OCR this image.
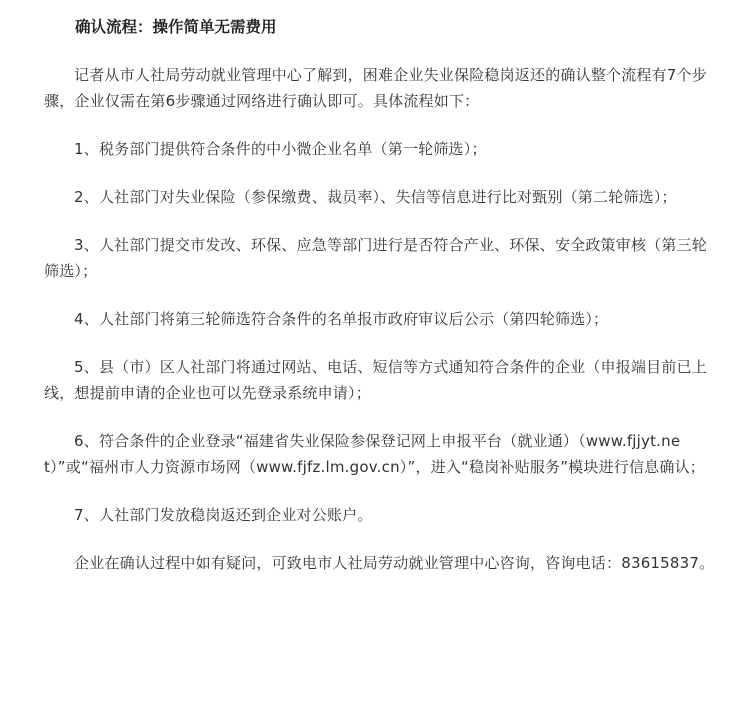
确认流程：操作简单无需费用

记者从市人社局劳动就业管理中心了解到，困难企业失业保险稳岗返还的确认整个流程有7个步骤，企业仅需在第6步骤通过网络进行确认即可。具体流程如下：

1、税务部门提供符合条件的中小微企业名单（第一轮筛选）；

2、人社部门对失业保险（参保缴费、裁员率）、失信等信息进行比对甄别（第二轮筛选）；

3、人社部门提交市发改、环保、应急等部门进行是否符合产业、环保、安全政策审核（第三轮筛选）；

4、人社部门将第三轮筛选符合条件的名单报市政府审议后公示（第四轮筛选）；

5、县（市）区人社部门将通过网站、电话、短信等方式通知符合条件的企业（申报端目前已上线，想提前申请的企业也可以先登录系统申请）；

6、符合条件的企业登录“福建省失业保险参保登记网上申报平台（就业通）（www.fjjyt.net）”或“福州市人力资源市场网（www.fjfz.lm.gov.cn）”，进入“稳岗补贴服务”模块进行信息确认；

7、人社部门发放稳岗返还到企业对公账户。

企业在确认过程中如有疑问，可致电市人社局劳动就业管理中心咨询，咨询电话：83615837。
